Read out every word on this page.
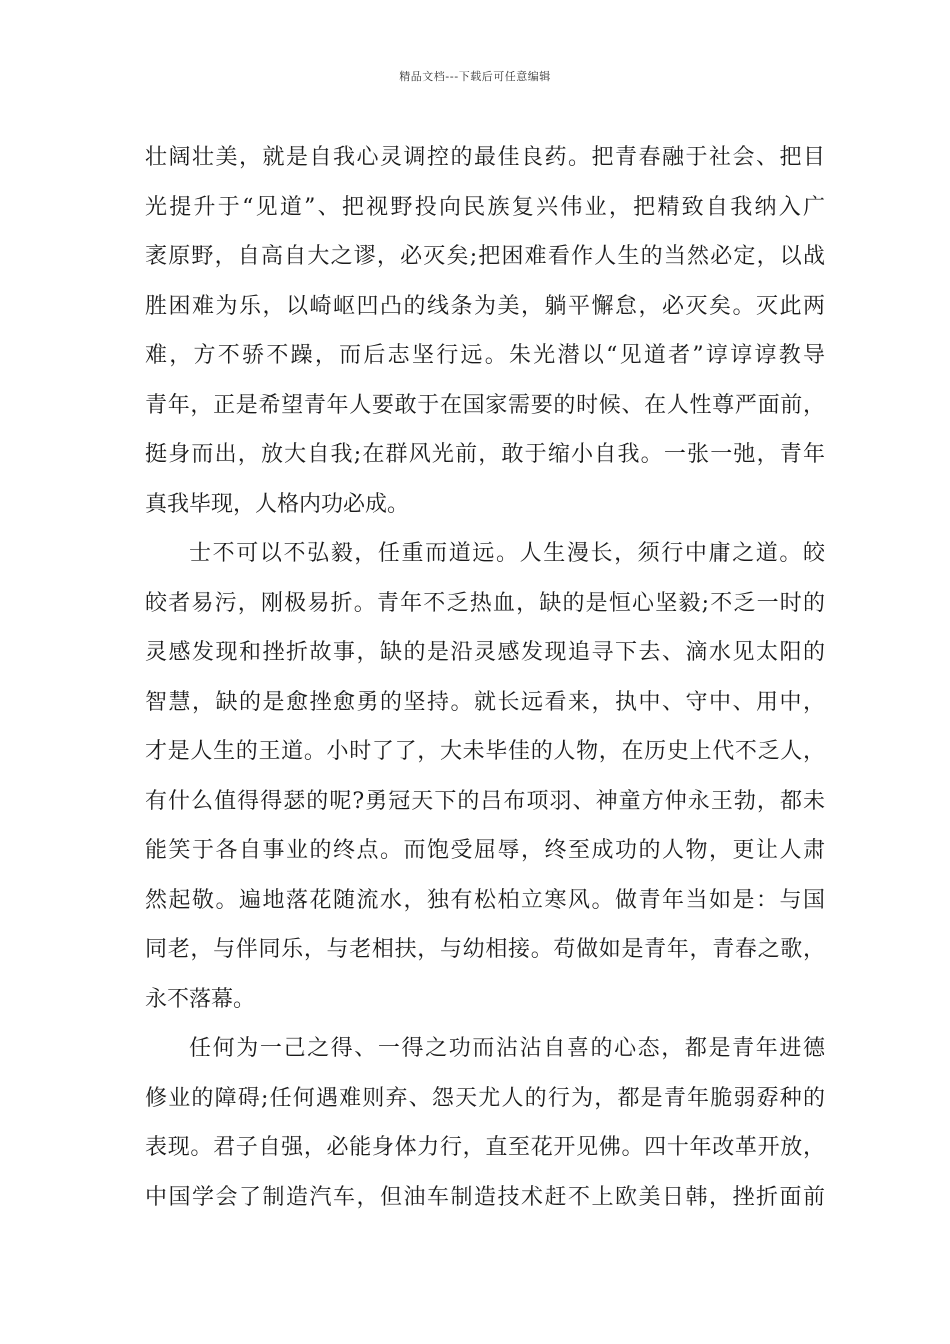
精品文档---下载后可任意编辑
壮阔壮美，就是自我心灵调控的最佳良药。把青春融于社会、把目
光提升于“见道”、把视野投向民族复兴伟业，把精致自我纳入广
袤原野，自高自大之谬，必灭矣;把困难看作人生的当然必定，以战
胜困难为乐，以崎岖凹凸的线条为美，躺平懈怠，必灭矣。灭此两
难，方不骄不躁，而后志坚行远。朱光潜以“见道者”谆谆谆教导
青年，正是希望青年人要敢于在国家需要的时候、在人性尊严面前，
挺身而出，放大自我;在群风光前，敢于缩小自我。一张一弛，青年
真我毕现，人格内功必成。
士不可以不弘毅，任重而道远。人生漫长，须行中庸之道。皎
皎者易污，刚极易折。青年不乏热血，缺的是恒心坚毅;不乏一时的
灵感发现和挫折故事，缺的是沿灵感发现追寻下去、滴水见太阳的
智慧，缺的是愈挫愈勇的坚持。就长远看来，执中、守中、用中，
才是人生的王道。小时了了，大未毕佳的人物，在历史上代不乏人，
有什么值得得瑟的呢?勇冠天下的吕布项羽、神童方仲永王勃，都未
能笑于各自事业的终点。而饱受屈辱，终至成功的人物，更让人肃
然起敬。遍地落花随流水，独有松柏立寒风。做青年当如是：与国
同老，与伴同乐，与老相扶，与幼相接。苟做如是青年，青春之歌，
永不落幕。
任何为一己之得、一得之功而沾沾自喜的心态，都是青年进德
修业的障碍;任何遇难则弃、怨天尤人的行为，都是青年脆弱孬种的
表现。君子自强，必能身体力行，直至花开见佛。四十年改革开放，
中国学会了制造汽车，但油车制造技术赶不上欧美日韩，挫折面前
